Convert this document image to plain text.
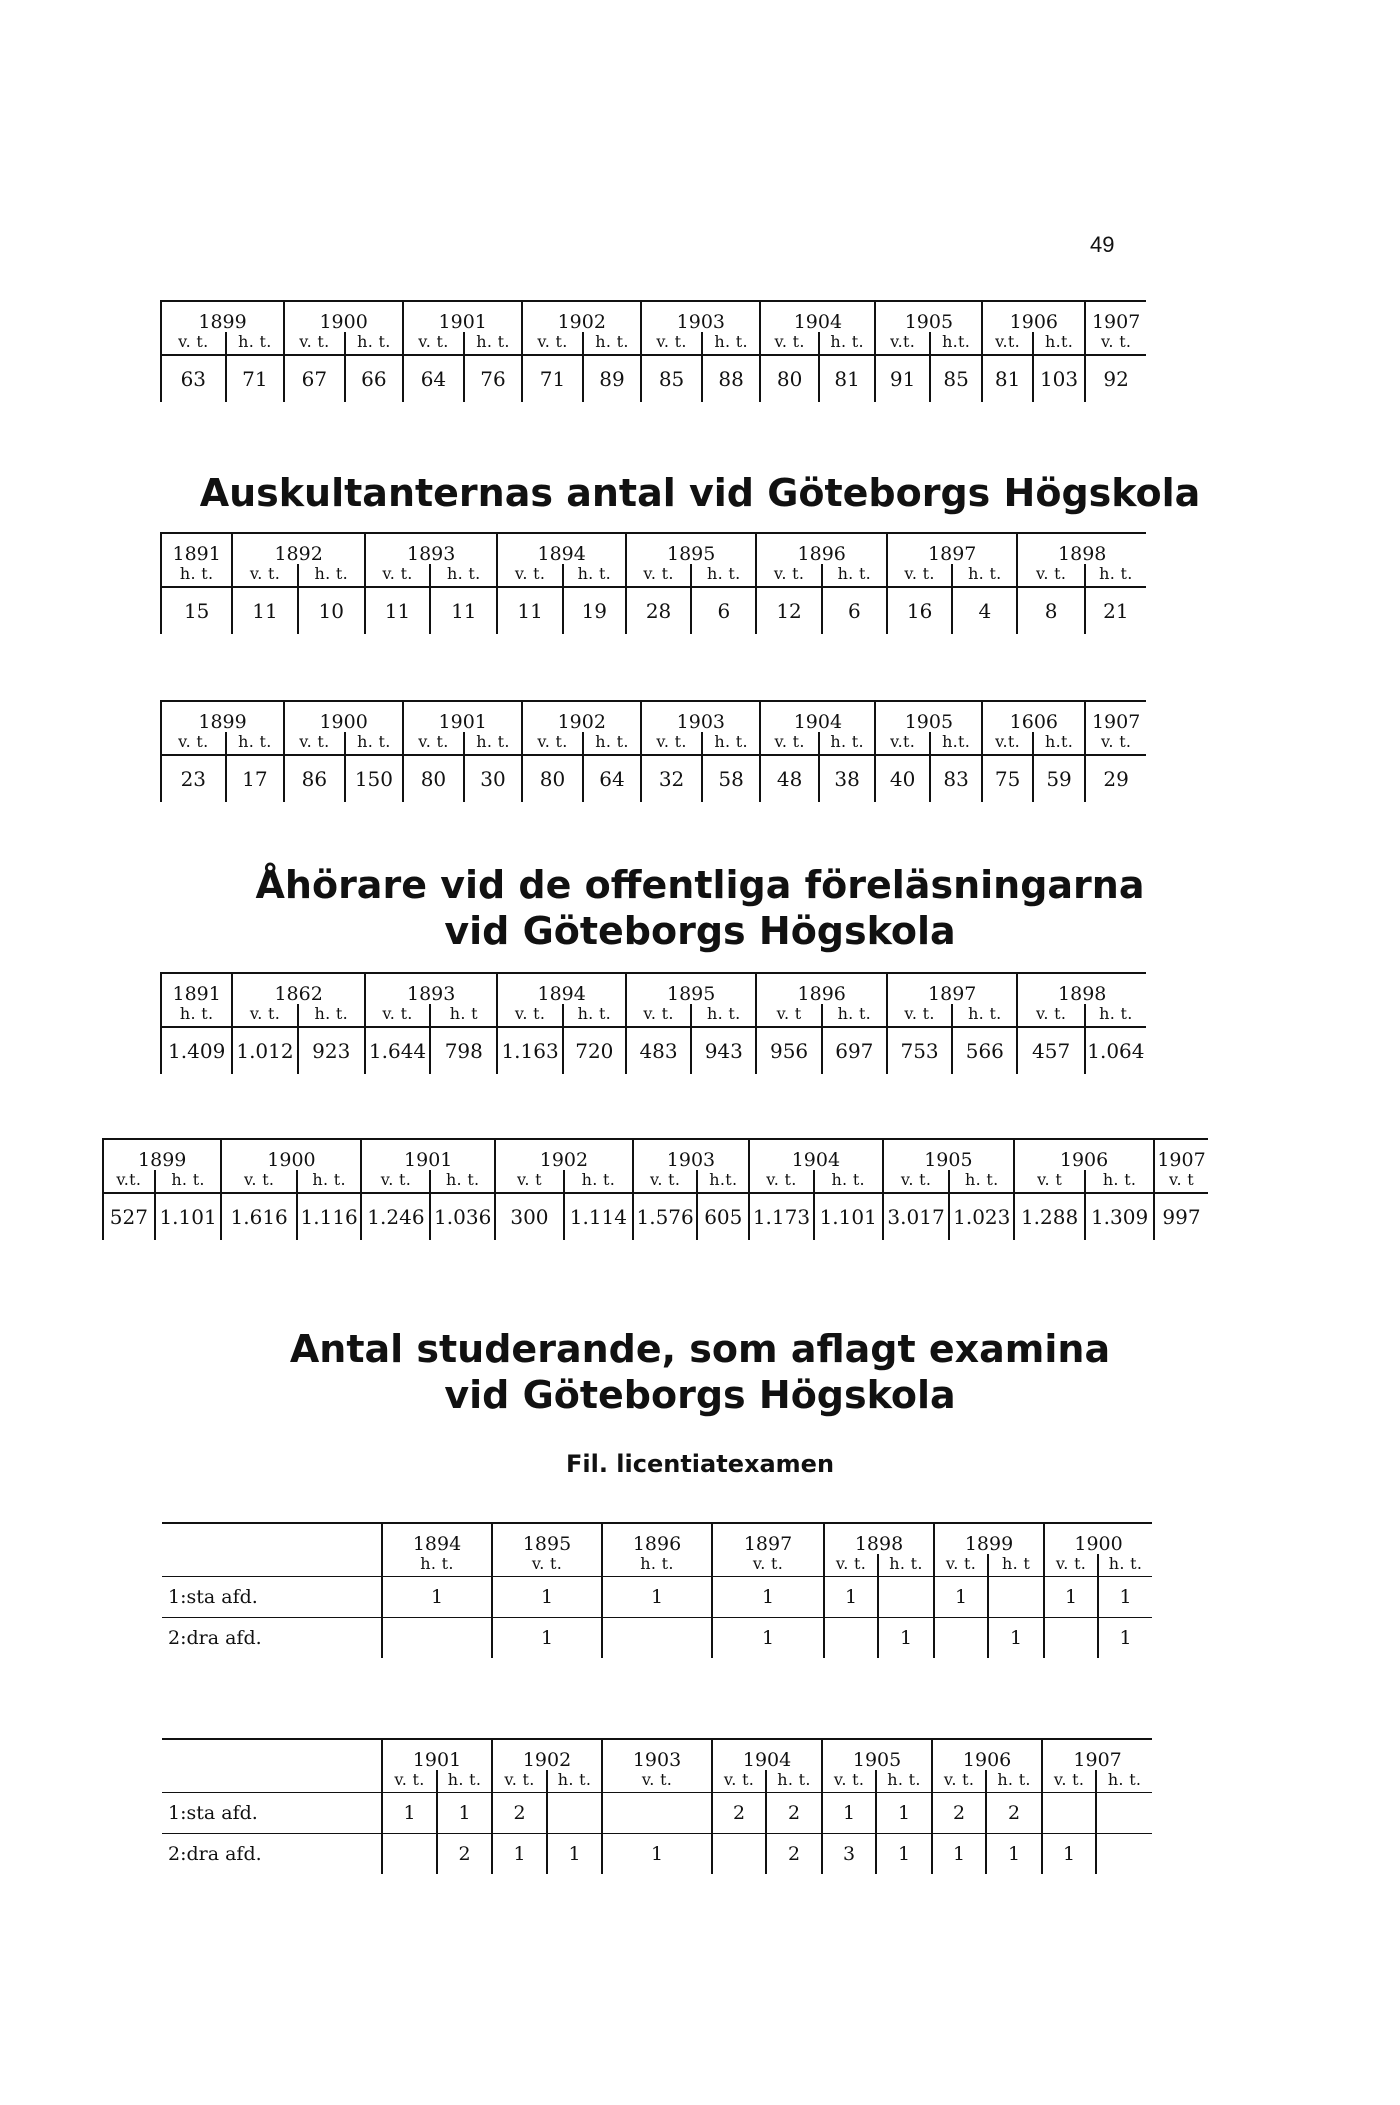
49
1899		1900		1901		1902		1903		1904		1905		1906		1907
v. t.	h. t.	v. t.	h. t.	v. t.	h. t.	v. t.	h. t.	v. t.	h. t.	v. t.	h. t.	v.t.	h.t.	v.t.	h.t.	v. t.
63	71	67	66	64	76	71	89	85	88	80	81	91	85	81	103	92
Auskultanternas antal vid Göteborgs Högskola
1891	1892		1893		1894		1895		1896		1897		1898	
h. t.	v. t.	h. t.	v. t.	h. t.	v. t.	h. t.	v. t.	h. t.	v. t.	h. t.	v. t.	h. t.	v. t.	h. t.
15	11	10	11	11	11	19	28	6	12	6	16	4	8	21
1899		1900		1901		1902		1903		1904		1905		1606		1907
v. t.	h. t.	v. t.	h. t.	v. t.	h. t.	v. t.	h. t.	v. t.	h. t.	v. t.	h. t.	v.t.	h.t.	v.t.	h.t.	v. t.
23	17	86	150	80	30	80	64	32	58	48	38	40	83	75	59	29
Åhörare vid de offentliga föreläsningarna
vid Göteborgs Högskola
1891	1862		1893		1894		1895		1896		1897		1898	
h. t.	v. t.	h. t.	v. t.	h. t	v. t.	h. t.	v. t.	h. t.	v. t	h. t.	v. t.	h. t.	v. t.	h. t.
1.409	1.012	923	1.644	798	1.163	720	483	943	956	697	753	566	457	1.064
1899		1900		1901		1902		1903		1904		1905		1906		1907
v.t.	h. t.	v. t.	h. t.	v. t.	h. t.	v. t	h. t.	v. t.	h.t.	v. t.	h. t.	v. t.	h. t.	v. t	h. t.	v. t
527	1.101	1.616	1.116	1.246	1.036	300	1.114	1.576	605	1.173	1.101	3.017	1.023	1.288	1.309	997
Antal studerande, som aflagt examina
vid Göteborgs Högskola
Fil. licentiatexamen
	1894	1895	1896	1897	1898		1899		1900	
	h. t.	v. t.	h. t.	v. t.	v. t.	h. t.	v. t.	h. t	v. t.	h. t.
1:sta afd.	1	1	1	1	1		1		1	1
2:dra afd.		1		1		1		1		1
	1901		1902		1903	1904		1905		1906		1907	
	v. t.	h. t.	v. t.	h. t.	v. t.	v. t.	h. t.	v. t.	h. t.	v. t.	h. t.	v. t.	h. t.
1:sta afd.	1	1	2			2	2	1	1	2	2		
2:dra afd.		2	1	1	1		2	3	1	1	1	1	
